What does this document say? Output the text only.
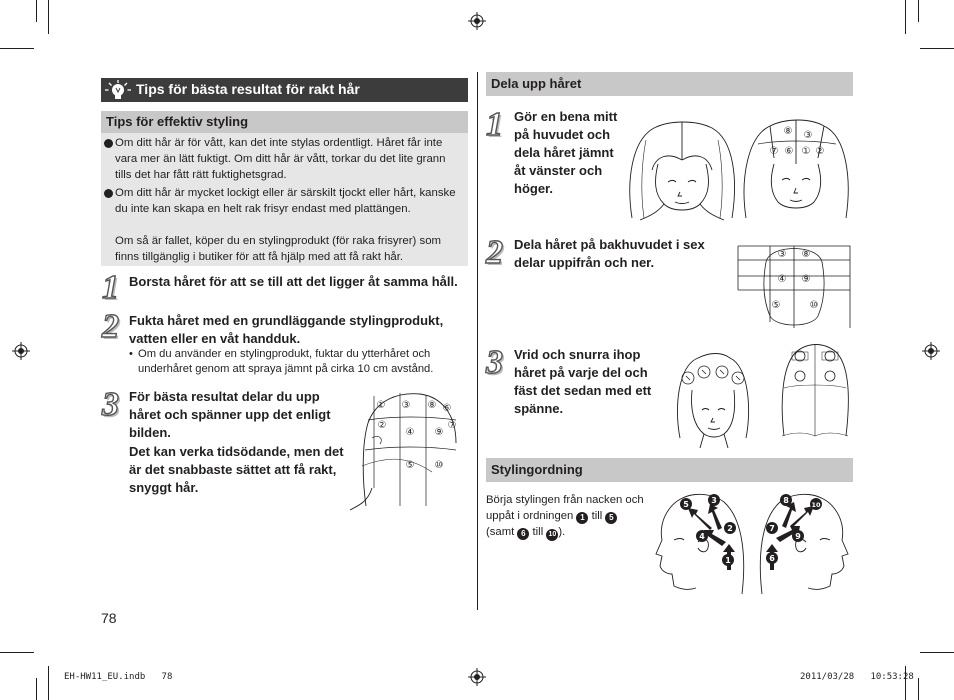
Tips för bästa resultat för rakt hår
Tips för effektiv styling
Om ditt hår är för vått, kan det inte stylas ordentligt. Håret får inte vara mer än lätt fuktigt. Om ditt hår är vått, torkar du det lite grann tills det har fått rätt fuktighetsgrad.
Om ditt hår är mycket lockigt eller är särskilt tjockt eller hårt, kanske du inte kan skapa en helt rak frisyr endast med plattängen.
Om så är fallet, köper du en stylingprodukt (för raka frisyrer) som finns tillgänglig i butiker för att få hjälp med att få rakt hår.
1 Borsta håret för att se till att det ligger åt samma håll.
2 Fukta håret med en grundläggande stylingprodukt, vatten eller en våt handduk.
• Om du använder en stylingprodukt, fuktar du ytterhåret och underhåret genom att spraya jämnt på cirka 10 cm avstånd.
3 För bästa resultat delar du upp håret och spänner upp det enligt bilden.
Det kan verka tidsödande, men det är det snabbaste sättet att få rakt, snyggt hår.
① ③ ⑧ ⑥
②
④ ⑨
⑦
⑤ ⑩
78
Dela upp håret
1 Gör en bena mitt på huvudet och dela håret jämnt åt vänster och höger.
⑧ ③
⑦ ⑥ ① ②
2 Dela håret på bakhuvudet i sex delar uppifrån och ner.
③ ⑧
④ ⑨
⑤	⑩
3 Vrid och snurra ihop håret på varje del och fäst det sedan med ett spänne.
Stylingordning
Börja stylingen från nacken och uppåt i ordningen 1 till 5 (samt 6 till 10 ).
5	3
2
4
1
8	10
7
9
6
EH-HW11_EU.indb   78	2011/03/28   10:53:28
